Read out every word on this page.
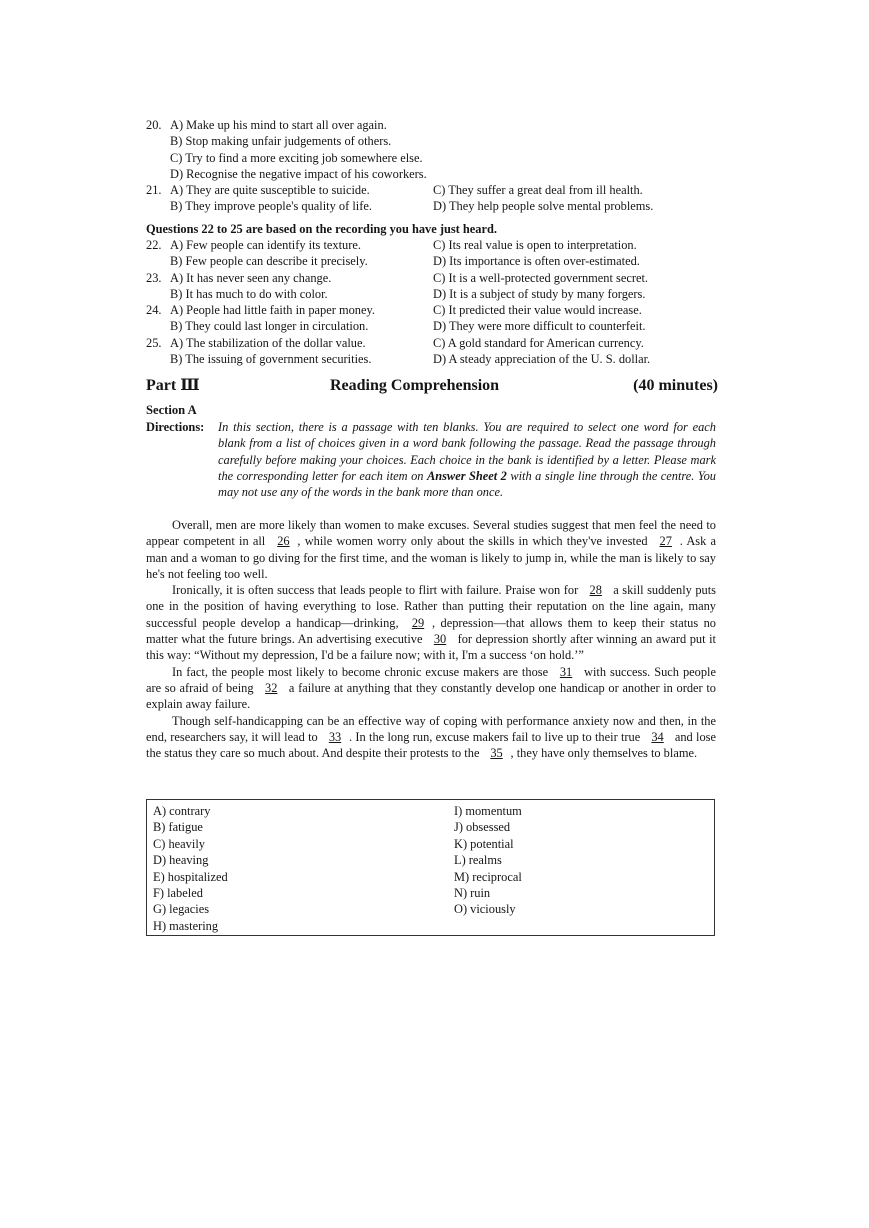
20. A) Make up his mind to start all over again.
B) Stop making unfair judgements of others.
C) Try to find a more exciting job somewhere else.
D) Recognise the negative impact of his coworkers.
21. A) They are quite susceptible to suicide.	C) They suffer a great deal from ill health.
B) They improve people's quality of life.	D) They help people solve mental problems.
Questions 22 to 25 are based on the recording you have just heard.
22. A) Few people can identify its texture.	C) Its real value is open to interpretation.
B) Few people can describe it precisely.	D) Its importance is often over-estimated.
23. A) It has never seen any change.	C) It is a well-protected government secret.
B) It has much to do with color.	D) It is a subject of study by many forgers.
24. A) People had little faith in paper money.	C) It predicted their value would increase.
B) They could last longer in circulation.	D) They were more difficult to counterfeit.
25. A) The stabilization of the dollar value.	C) A gold standard for American currency.
B) The issuing of government securities.	D) A steady appreciation of the U. S. dollar.
Part Ⅲ	Reading Comprehension	(40 minutes)
Section A
Directions: In this section, there is a passage with ten blanks. You are required to select one word for each blank from a list of choices given in a word bank following the passage. Read the passage through carefully before making your choices. Each choice in the bank is identified by a letter. Please mark the corresponding letter for each item on Answer Sheet 2 with a single line through the centre. You may not use any of the words in the bank more than once.

Overall, men are more likely than women to make excuses. Several studies suggest that men feel the need to appear competent in all 26 , while women worry only about the skills in which they've invested 27 . Ask a man and a woman to go diving for the first time, and the woman is likely to jump in, while the man is likely to say he's not feeling too well.

Ironically, it is often success that leads people to flirt with failure. Praise won for 28 a skill suddenly puts one in the position of having everything to lose. Rather than putting their reputation on the line again, many successful people develop a handicap—drinking, 29 , depression—that allows them to keep their status no matter what the future brings. An advertising executive 30 for depression shortly after winning an award put it this way: “Without my depression, I'd be a failure now; with it, I'm a success ‘on hold.’”

In fact, the people most likely to become chronic excuse makers are those 31 with success. Such people are so afraid of being 32 a failure at anything that they constantly develop one handicap or another in order to explain away failure.

Though self-handicapping can be an effective way of coping with performance anxiety now and then, in the end, researchers say, it will lead to 33 . In the long run, excuse makers fail to live up to their true 34 and lose the status they care so much about. And despite their protests to the 35 , they have only themselves to blame.

A) contrary
B) fatigue
C) heavily
D) heaving
E) hospitalized
F) labeled
G) legacies
H) mastering
I) momentum
J) obsessed
K) potential
L) realms
M) reciprocal
N) ruin
O) viciously
